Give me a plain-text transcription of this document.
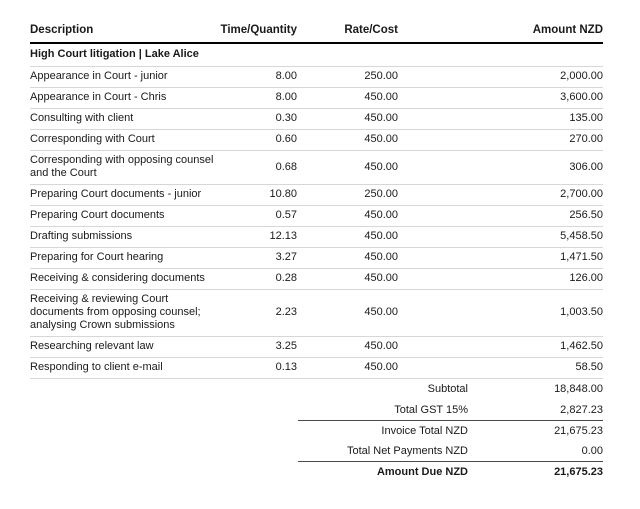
Description	Time/Quantity	Rate/Cost	Amount NZD
High Court litigation | Lake Alice			
Appearance in Court - junior	8.00	250.00	2,000.00
Appearance in Court - Chris	8.00	450.00	3,600.00
Consulting with client	0.30	450.00	135.00
Corresponding with Court	0.60	450.00	270.00
Corresponding with opposing counsel and the Court	0.68	450.00	306.00
Preparing Court documents - junior	10.80	250.00	2,700.00
Preparing Court documents	0.57	450.00	256.50
Drafting submissions	12.13	450.00	5,458.50
Preparing for Court hearing	3.27	450.00	1,471.50
Receiving & considering documents	0.28	450.00	126.00
Receiving & reviewing Court documents from opposing counsel; analysing Crown submissions	2.23	450.00	1,003.50
Researching relevant law	3.25	450.00	1,462.50
Responding to client e-mail	0.13	450.00	58.50
Subtotal	18,848.00
Total GST 15%	2,827.23
Invoice Total NZD	21,675.23
Total Net Payments NZD	0.00
Amount Due NZD	21,675.23
